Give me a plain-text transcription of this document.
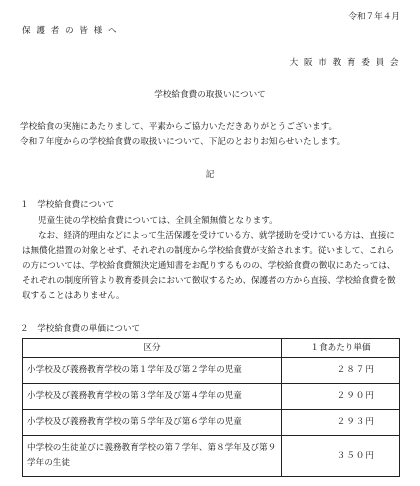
令和７年４月
保 護 者 の 皆 様 へ
大 阪 市 教 育 委 員 会
学校給食費の取扱いについて
学校給食の実施にあたりまして、平素からご協力いただきありがとうございます。
令和７年度からの学校給食費の取扱いについて、下記のとおりお知らせいたします。
記
１　学校給食費について
児童生徒の学校給食費については、全員全額無償となります。
なお、経済的理由などによって生活保護を受けている方、就学援助を受けている方は、直接には無償化措置の対象とせず、それぞれの制度から学校給食費が支給されます。従いまして、これらの方については、学校給食費額決定通知書をお配りするものの、学校給食費の徴収にあたっては、それぞれの制度所管より教育委員会において徴収するため、保護者の方から直接、学校給食費を徴収することはありません。
２　学校給食費の単価について
区分	１食あたり単価
小学校及び義務教育学校の第１学年及び第２学年の児童	２８７円
小学校及び義務教育学校の第３学年及び第４学年の児童	２９０円
小学校及び義務教育学校の第５学年及び第６学年の児童	２９３円
中学校の生徒並びに義務教育学校の第７学年、第８学年及び第９学年の生徒	３５０円
